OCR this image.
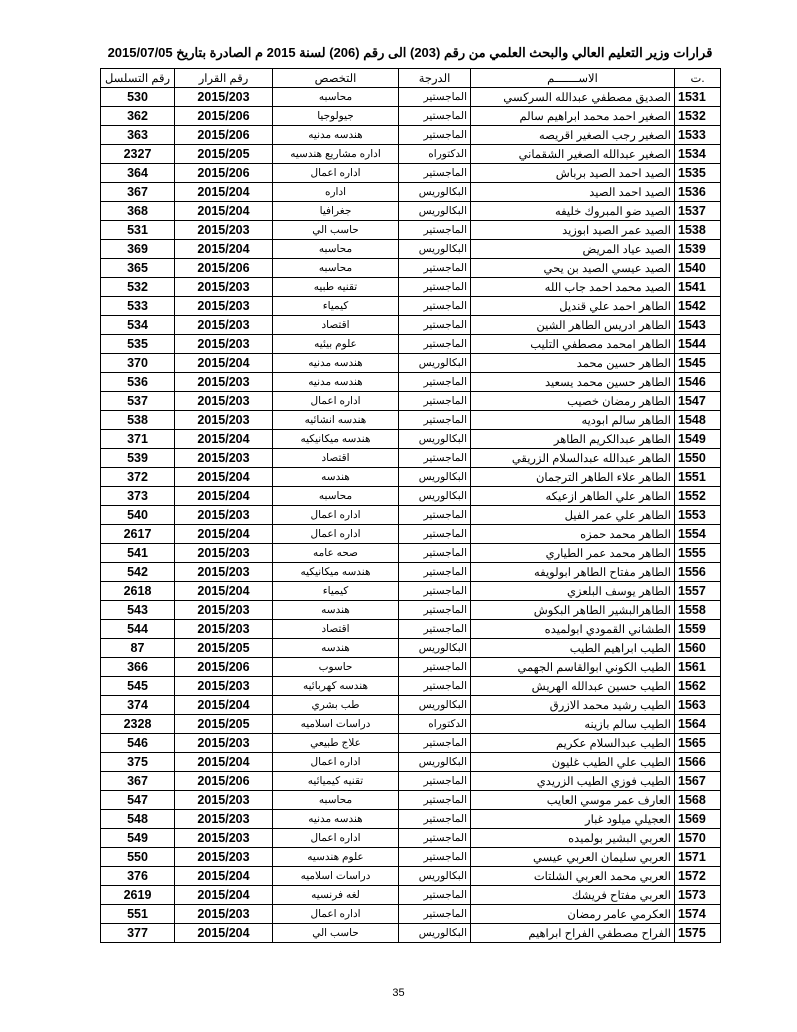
قرارات وزير التعليم العالي والبحث العلمي من رقم (203) الى رقم (206) لسنة 2015 م الصادرة بتاريخ 2015/07/05
رقم التسلسل	رقم القرار	التخصص	الدرجة	الاســـــــم	ت.
530	2015/203	محاسبه	الماجستير	الصديق مصطفي عبدالله السركسي	1531
362	2015/206	جيولوجيا	الماجستير	الصغير احمد محمد ابراهيم سالم	1532
363	2015/206	هندسه مدنيه	الماجستير	الصغير رجب الصغير اقريصه	1533
2327	2015/205	اداره مشاريع هندسيه	الدكتوراه	الصغير عبدالله الصغير الشقماني	1534
364	2015/206	اداره اعمال	الماجستير	الصيد احمد الصيد برباش	1535
367	2015/204	اداره	البكالوريس	الصيد احمد الصيد	1536
368	2015/204	جغرافيا	البكالوريس	الصيد ضو المبروك خليفه	1537
531	2015/203	حاسب الي	الماجستير	الصيد عمر الصيد ابوزيد	1538
369	2015/204	محاسبه	البكالوريس	الصيد عياد المريض	1539
365	2015/206	محاسبه	الماجستير	الصيد عيسي الصيد بن يحي	1540
532	2015/203	تقنيه طبيه	الماجستير	الصيد محمد احمد جاب الله	1541
533	2015/203	كيمياء	الماجستير	الطاهر احمد علي قنديل	1542
534	2015/203	اقتصاد	الماجستير	الطاهر ادريس الطاهر الشين	1543
535	2015/203	علوم بيئيه	الماجستير	الطاهر امحمد مصطفي التليب	1544
370	2015/204	هندسه مدنيه	البكالوريس	الطاهر حسين محمد	1545
536	2015/203	هندسه مدنيه	الماجستير	الطاهر حسين محمد يسعيد	1546
537	2015/203	اداره اعمال	الماجستير	الطاهر رمضان خصيب	1547
538	2015/203	هندسه انشائيه	الماجستير	الطاهر سالم ابوديه	1548
371	2015/204	هندسه ميكانيكيه	البكالوريس	الطاهر عبدالكريم الطاهر	1549
539	2015/203	اقتصاد	الماجستير	الطاهر عبدالله عبدالسلام الزريقي	1550
372	2015/204	هندسه	البكالوريس	الطاهر علاء الطاهر الترجمان	1551
373	2015/204	محاسبه	البكالوريس	الطاهر علي الطاهر ازعيكه	1552
540	2015/203	اداره اعمال	الماجستير	الطاهر علي عمر الفيل	1553
2617	2015/204	اداره اعمال	الماجستير	الطاهر محمد حمزه	1554
541	2015/203	صحه عامه	الماجستير	الطاهر محمد عمر الطياري	1555
542	2015/203	هندسه ميكانيكيه	الماجستير	الطاهر مفتاح الطاهر ابولويفه	1556
2618	2015/204	كيمياء	الماجستير	الطاهر يوسف البلعزي	1557
543	2015/203	هندسه	الماجستير	الطاهرالبشير الطاهر البكوش	1558
544	2015/203	اقتصاد	الماجستير	الطشاني القمودي ابولميده	1559
87	2015/205	هندسه	البكالوريس	الطيب ابراهيم الطيب	1560
366	2015/206	حاسوب	الماجستير	الطيب الكوني ابوالقاسم الجهمي	1561
545	2015/203	هندسه كهربائيه	الماجستير	الطيب حسين عبدالله الهريش	1562
374	2015/204	طب بشري	البكالوريس	الطيب رشيد محمد الازرق	1563
2328	2015/205	دراسات اسلاميه	الدكتوراه	الطيب سالم بازينه	1564
546	2015/203	علاج طبيعي	الماجستير	الطيب عبدالسلام عكريم	1565
375	2015/204	اداره اعمال	البكالوريس	الطيب علي الطيب غليون	1566
367	2015/206	تقنيه كيميائيه	الماجستير	الطيب فوزي الطيب الزريدي	1567
547	2015/203	محاسبه	الماجستير	العارف عمر موسي العايب	1568
548	2015/203	هندسه مدنيه	الماجستير	العجيلي ميلود غبار	1569
549	2015/203	اداره اعمال	الماجستير	العربي البشير بولميده	1570
550	2015/203	علوم هندسيه	الماجستير	العربي سليمان العربي عيسي	1571
376	2015/204	دراسات اسلاميه	البكالوريس	العربي محمد العربي الشلتات	1572
2619	2015/204	لغه فرنسيه	الماجستير	العربي مفتاح فريشك	1573
551	2015/203	اداره اعمال	الماجستير	العكرمي عامر رمضان	1574
377	2015/204	حاسب الي	البكالوريس	الفراح مصطفي الفراح ابراهيم	1575
35
